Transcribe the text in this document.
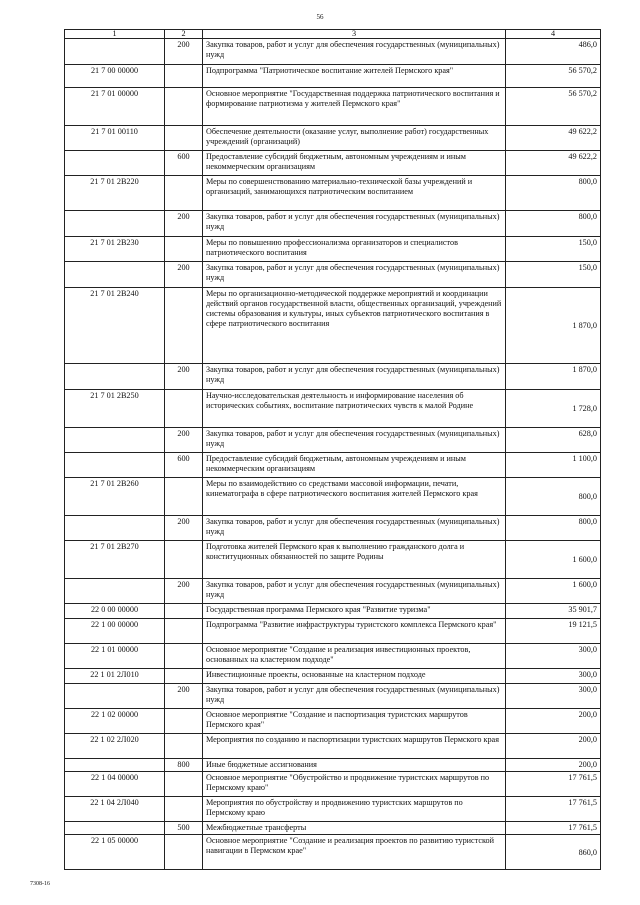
56
1	2	3	4
	200	Закупка товаров, работ и услуг для обеспечения государственных (муниципальных) нужд	486,0
21 7 00 00000		Подпрограмма "Патриотическое воспитание жителей Пермского края"	56 570,2
21 7 01 00000		Основное мероприятие "Государственная поддержка патриотического воспитания и формирование патриотизма у жителей Пермского края"	56 570,2
21 7 01 00110		Обеспечение деятельности (оказание услуг, выполнение работ) государственных учреждений (организаций)	49 622,2
	600	Предоставление субсидий бюджетным, автономным учреждениям и иным некоммерческим организациям	49 622,2
21 7 01 2В220		Меры по совершенствованию материально-технической базы учреждений и организаций, занимающихся патриотическим воспитанием	800,0
	200	Закупка товаров, работ и услуг для обеспечения государственных (муниципальных) нужд	800,0
21 7 01 2В230		Меры по повышению профессионализма организаторов и специалистов патриотического воспитания	150,0
	200	Закупка товаров, работ и услуг для обеспечения государственных (муниципальных) нужд	150,0
21 7 01 2В240		Меры по организационно-методической поддержке мероприятий и координации действий органов государственной власти, общественных организаций, учреждений системы образования и культуры, иных субъектов патриотического воспитания в сфере патриотического воспитания	1 870,0
	200	Закупка товаров, работ и услуг для обеспечения государственных (муниципальных) нужд	1 870,0
21 7 01 2В250		Научно-исследовательская деятельность и информирование населения об исторических событиях, воспитание патриотических чувств к малой Родине	1 728,0
	200	Закупка товаров, работ и услуг для обеспечения государственных (муниципальных) нужд	628,0
	600	Предоставление субсидий бюджетным, автономным учреждениям и иным некоммерческим организациям	1 100,0
21 7 01 2В260		Меры по взаимодействию со средствами массовой информации, печати, кинематографа в сфере патриотического воспитания жителей Пермского края	800,0
	200	Закупка товаров, работ и услуг для обеспечения государственных (муниципальных) нужд	800,0
21 7 01 2В270		Подготовка жителей Пермского края к выполнению гражданского долга и конституционных обязанностей по защите Родины	1 600,0
	200	Закупка товаров, работ и услуг для обеспечения государственных (муниципальных) нужд	1 600,0
22 0 00 00000		Государственная программа Пермского края "Развитие туризма"	35 901,7
22 1 00 00000		Подпрограмма "Развитие инфраструктуры туристского комплекса Пермского края"	19 121,5
22 1 01 00000		Основное мероприятие "Создание и реализация инвестиционных проектов, основанных на кластерном подходе"	300,0
22 1 01 2Л010		Инвестиционные проекты, основанные на кластерном подходе	300,0
	200	Закупка товаров, работ и услуг для обеспечения государственных (муниципальных) нужд	300,0
22 1 02 00000		Основное мероприятие "Создание и паспортизация туристских маршрутов Пермского края"	200,0
22 1 02 2Л020		Мероприятия по созданию и паспортизации туристских маршрутов Пермского края	200,0
	800	Иные бюджетные ассигнования	200,0
22 1 04 00000		Основное мероприятие "Обустройство и продвижение туристских маршрутов по Пермскому краю"	17 761,5
22 1 04 2Л040		Мероприятия по обустройству и продвижению туристских маршрутов по Пермскому краю	17 761,5
	500	Межбюджетные трансферты	17 761,5
22 1 05 00000		Основное мероприятие "Создание и реализация проектов по развитию туристской навигации в Пермском крае"	860,0
7308-16
